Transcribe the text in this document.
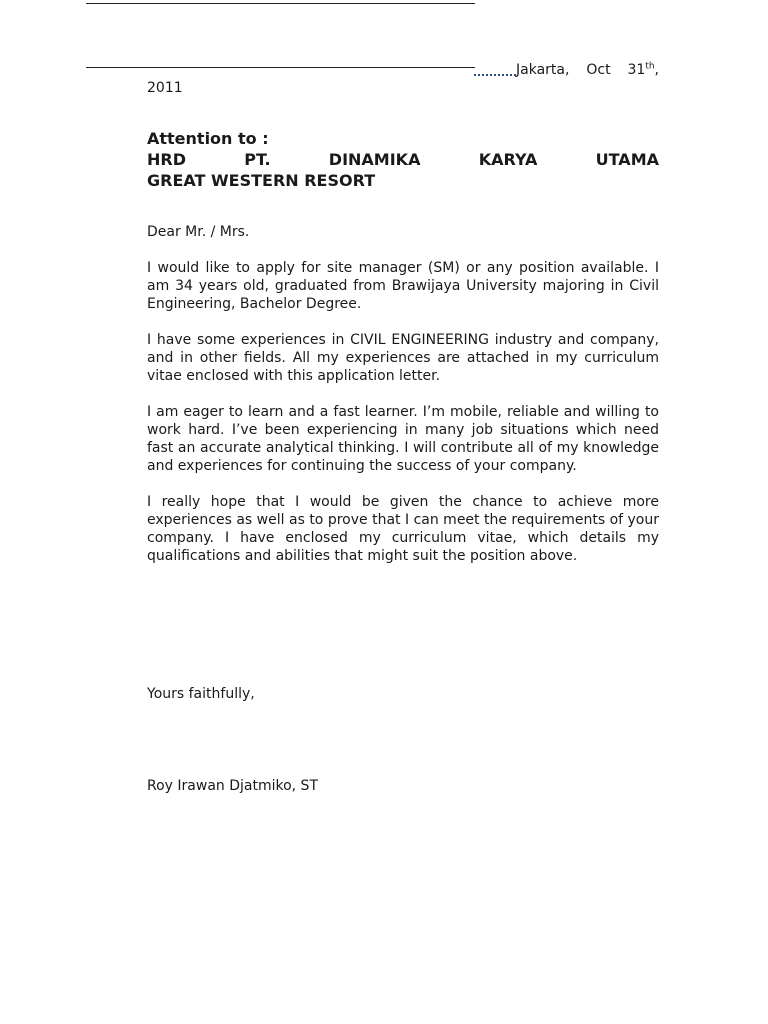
Jakarta, Oct 31th, 2011

Attention to :

HRD PT. DINAMIKA KARYA UTAMA
GREAT WESTERN RESORT

Dear Mr. / Mrs.

I would like to apply for site manager (SM) or any position available. I am 34 years old, graduated from Brawijaya University majoring in Civil Engineering, Bachelor Degree.

I have some experiences in CIVIL ENGINEERING industry and company, and in other fields. All my experiences are attached in my curriculum vitae enclosed with this application letter.

I am eager to learn and a fast learner. I’m mobile, reliable and willing to work hard. I’ve been experiencing in many job situations which need fast an accurate analytical thinking. I will contribute all of my knowledge and experiences for continuing the success of your company.

I really hope that I would be given the chance to achieve more experiences as well as to prove that I can meet the requirements of your company. I have enclosed my curriculum vitae, which details my qualifications and abilities that might suit the position above.

Yours faithfully,

Roy Irawan Djatmiko, ST
